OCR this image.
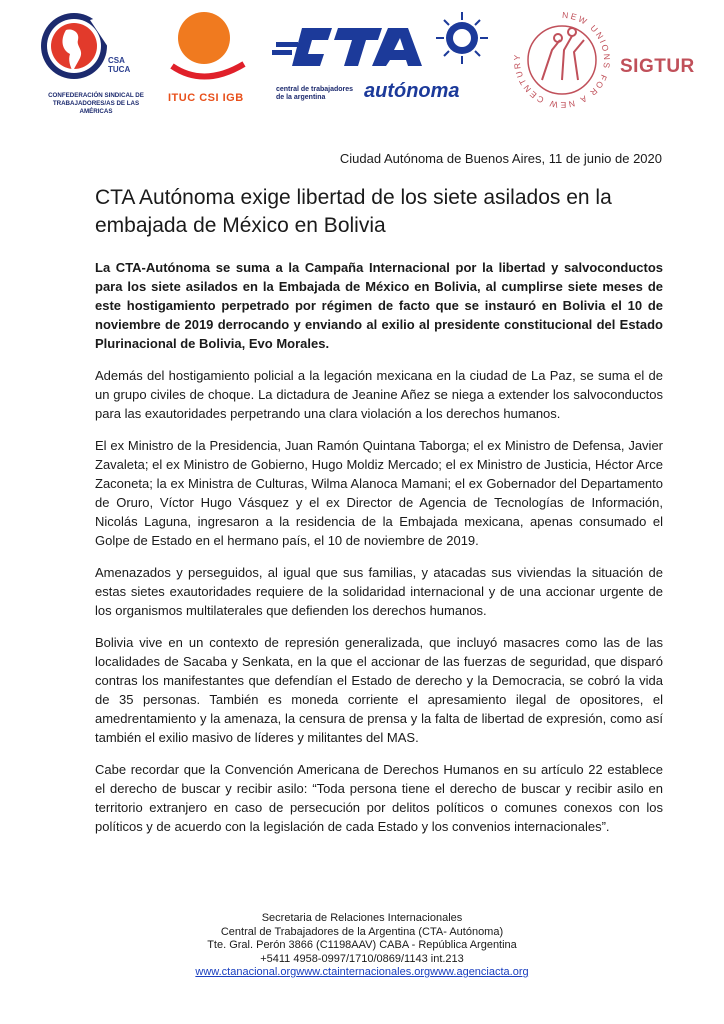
CSA
TUCA
CONFEDERACIÓN SINDICAL DE
TRABAJADORES/AS DE LAS AMÉRICAS
ITUC CSI IGB
central de trabajadores
de la argentina	autónoma
NEW UNIONS FOR A NEW CENTURY	SIGTUR
Ciudad Autónoma de Buenos Aires, 11 de junio de 2020
CTA Autónoma exige libertad de los siete asilados en la embajada de México en Bolivia

La CTA-Autónoma se suma a la Campaña Internacional por la libertad y salvoconductos para los siete asilados en la Embajada de México en Bolivia, al cumplirse siete meses de este hostigamiento perpetrado por régimen de facto que se instauró en Bolivia el 10 de noviembre de 2019 derrocando y enviando al exilio al presidente constitucional del Estado Plurinacional de Bolivia, Evo Morales.

Además del hostigamiento policial a la legación mexicana en la ciudad de La Paz, se suma el de un grupo civiles de choque. La dictadura de Jeanine Añez se niega a extender los salvoconductos para las exautoridades perpetrando una clara violación a los derechos humanos.

El ex Ministro de la Presidencia, Juan Ramón Quintana Taborga; el ex Ministro de Defensa, Javier Zavaleta; el ex Ministro de Gobierno, Hugo Moldiz Mercado; el ex Ministro de Justicia, Héctor Arce Zaconeta; la ex Ministra de Culturas, Wilma Alanoca Mamani; el ex Gobernador del Departamento de Oruro, Víctor Hugo Vásquez y el ex Director de Agencia de Tecnologías de Información, Nicolás Laguna, ingresaron a la residencia de la Embajada mexicana, apenas consumado el Golpe de Estado en el hermano país, el 10 de noviembre de 2019.

Amenazados y perseguidos, al igual que sus familias, y atacadas sus viviendas la situación de estas sietes exautoridades requiere de la solidaridad internacional y de una accionar urgente de los organismos multilaterales que defienden los derechos humanos.

Bolivia vive en un contexto de represión generalizada, que incluyó masacres como las de las localidades de Sacaba y Senkata, en la que el accionar de las fuerzas de seguridad, que disparó contras los manifestantes que defendían el Estado de derecho y la Democracia, se cobró la vida de 35 personas. También es moneda corriente el apresamiento ilegal de opositores, el amedrentamiento y la amenaza, la censura de prensa y la falta de libertad de expresión, como así también el exilio masivo de líderes y militantes del MAS.

Cabe recordar que la Convención Americana de Derechos Humanos en su artículo 22 establece el derecho de buscar y recibir asilo: “Toda persona tiene el derecho de buscar y recibir asilo en territorio extranjero en caso de persecución por delitos políticos o comunes conexos con los políticos y de acuerdo con la legislación de cada Estado y los convenios internacionales”.

Secretaria de Relaciones Internacionales
Central de Trabajadores de la Argentina (CTA- Autónoma)
Tte. Gral. Perón 3866 (C1198AAV) CABA - República Argentina
+5411 4958-0997/1710/0869/1143 int.213
www.ctanacional.orgwww.ctainternacionales.orgwww.agenciacta.org
